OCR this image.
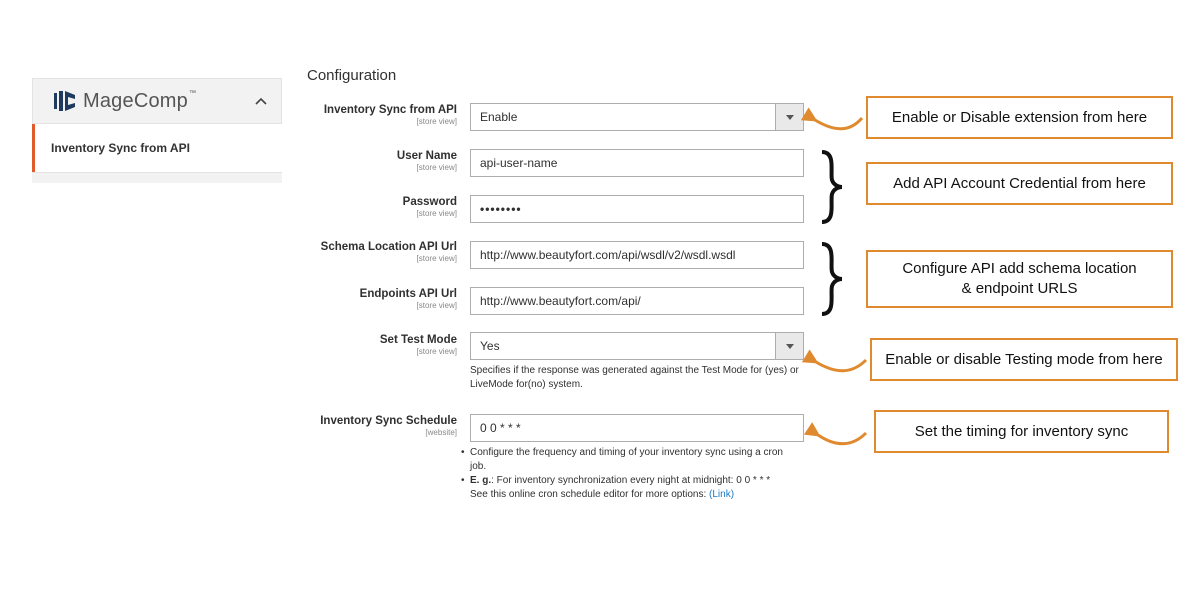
MageComp™
Inventory Sync from API
Configuration
Inventory Sync from API
[store view] Enable
User Name
[store view]	api-user-name
Password
[store view]	••••••••
Schema Location API Url
[store view]	http://www.beautyfort.com/api/wsdl/v2/wsdl.wsdl
Endpoints API Url
[store view]	http://www.beautyfort.com/api/
Set Test Mode
[store view] Yes
Specifies if the response was generated against the Test Mode for (yes) or LiveMode for(no) system.
Inventory Sync Schedule
[website]	0 0 * * *
• Configure the frequency and timing of your inventory sync using a cron job.
• E. g.: For inventory synchronization every night at midnight: 0 0 * * *
See this online cron schedule editor for more options: (Link)
Enable or Disable extension from here
Add API Account Credential from here
Configure API add schema location
& endpoint URLS
Enable or disable Testing mode from here
Set the timing for inventory sync
